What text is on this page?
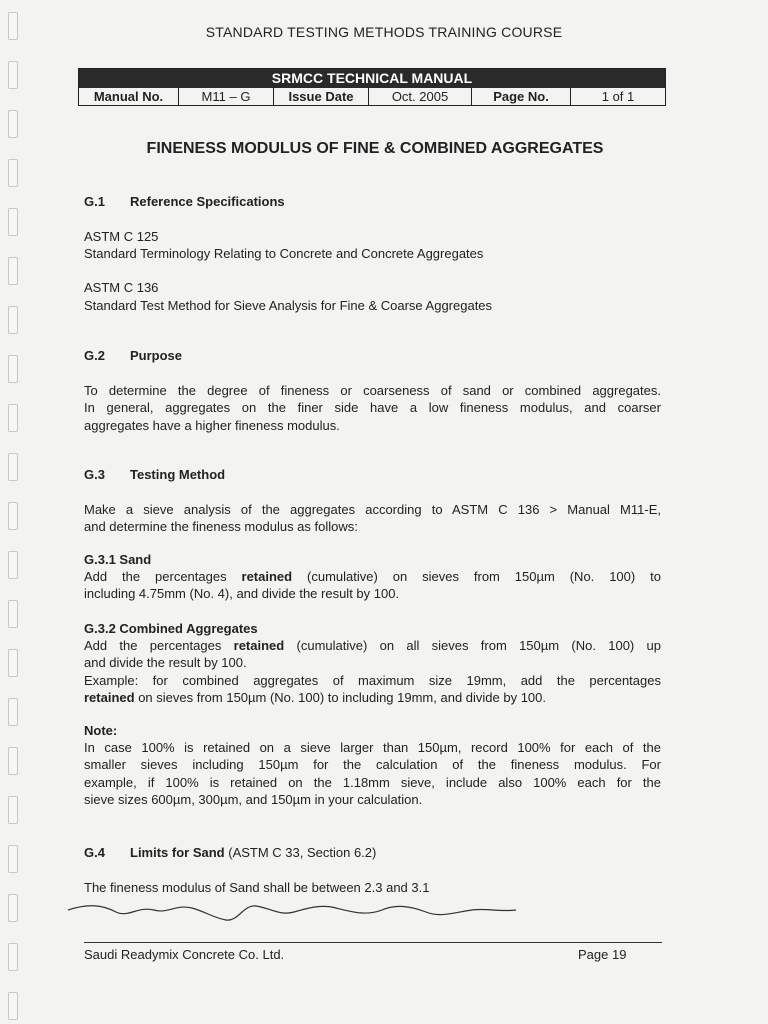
STANDARD TESTING METHODS TRAINING COURSE
SRMCC TECHNICAL MANUAL
Manual No.	M11 – G	Issue Date	Oct. 2005	Page No.	1 of 1
FINENESS MODULUS OF FINE & COMBINED AGGREGATES
G.1 Reference Specifications
ASTM C 125
Standard Terminology Relating to Concrete and Concrete Aggregates
ASTM C 136
Standard Test Method for Sieve Analysis for Fine & Coarse Aggregates
G.2 Purpose
To determine the degree of fineness or coarseness of sand or combined aggregates.
In general, aggregates on the finer side have a low fineness modulus, and coarser
aggregates have a higher fineness modulus.
G.3 Testing Method
Make a sieve analysis of the aggregates according to ASTM C 136 > Manual M11-E,
and determine the fineness modulus as follows:
G.3.1 Sand
Add the percentages retained (cumulative) on sieves from 150µm (No. 100) to
including 4.75mm (No. 4), and divide the result by 100.
G.3.2 Combined Aggregates
Add the percentages retained (cumulative) on all sieves from 150µm (No. 100) up
and divide the result by 100.
Example: for combined aggregates of maximum size 19mm, add the percentages
retained on sieves from 150µm (No. 100) to including 19mm, and divide by 100.
Note:
In case 100% is retained on a sieve larger than 150µm, record 100% for each of the
smaller sieves including 150µm for the calculation of the fineness modulus. For
example, if 100% is retained on the 1.18mm sieve, include also 100% each for the
sieve sizes 600µm, 300µm, and 150µm in your calculation.
G.4 Limits for Sand (ASTM C 33, Section 6.2)
The fineness modulus of Sand shall be between 2.3 and 3.1
Saudi Readymix Concrete Co. Ltd.	Page 19
